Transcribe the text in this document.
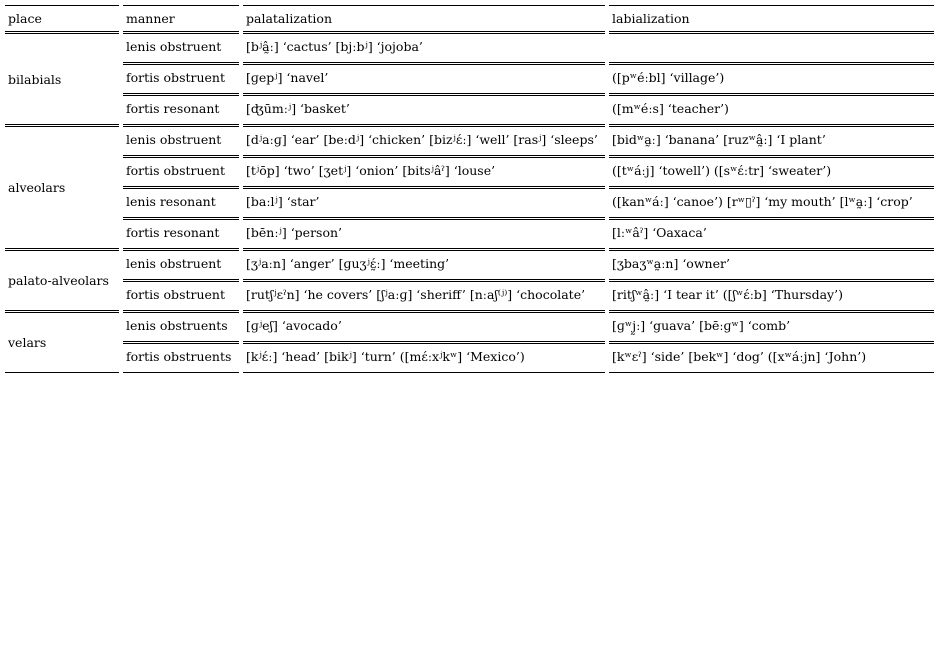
place	manner	palatalization	labialization
bilabials	lenis obstruent	[bʲâ̰ː] ‘cactus’ [bjːbʲ] ‘jojoba’	
	fortis obstruent	[ɡepʲ] ‘navel’	([pʷéːbl] ‘village’)
	fortis resonant	[ʤūmːʲ] ‘basket’	([mʷéːs] ‘teacher’)
alveolars	lenis obstruent	[dʲaːɡ] ‘ear’ [beːdʲ] ‘chicken’ [bizʲέː] ‘well’ [rasʲ] ‘sleeps’	[bidʷa̰ː] ‘banana’ [ruzʷâ̰ː] ‘I plant’
	fortis obstruent	[tʲōp] ‘two’ [ʒetʲ] ‘onion’ [bitsʲâˀ] ‘louse’	([tʷáːj] ‘towell’) ([sʷέːtr] ‘sweater’)
	lenis resonant	[baːlʲ] ‘star’	([kanʷáː] ‘canoe’) [rʷ▯ˀ] ‘my mouth’ [lʷa̰ː] ‘crop’
	fortis resonant	[bēnːʲ] ‘person’	[lːʷâˀ] ‘Oaxaca’
palato-alveolars	lenis obstruent	[ʒʲaːn] ‘anger’ [ɡuʒʲέ̰ː] ‘meeting’	[ʒbaʒʷa̰ːn] ‘owner’
	fortis obstruent	[rutʃʲεˀn] ‘he covers’ [ʃʲaːɡ] ‘sheriff’ [nːaʃ⁽ʲ⁾] ‘chocolate’	[ritʃʷâ̰ː] ‘I tear it’ ([ʃʷέːb] ‘Thursday’)
velars	lenis obstruents	[ɡʲeʃ] ‘avocado’	[ɡʷj̰ː] ‘guava’ [bēːɡʷ] ‘comb’
	fortis obstruents	[kʲέː] ‘head’ [bikʲ] ‘turn’ ([mέːxʲkʷ] ‘Mexico’)	[kʷεˀ] ‘side’ [bekʷ] ‘dog’ ([xʷáːjn] ‘John’)
